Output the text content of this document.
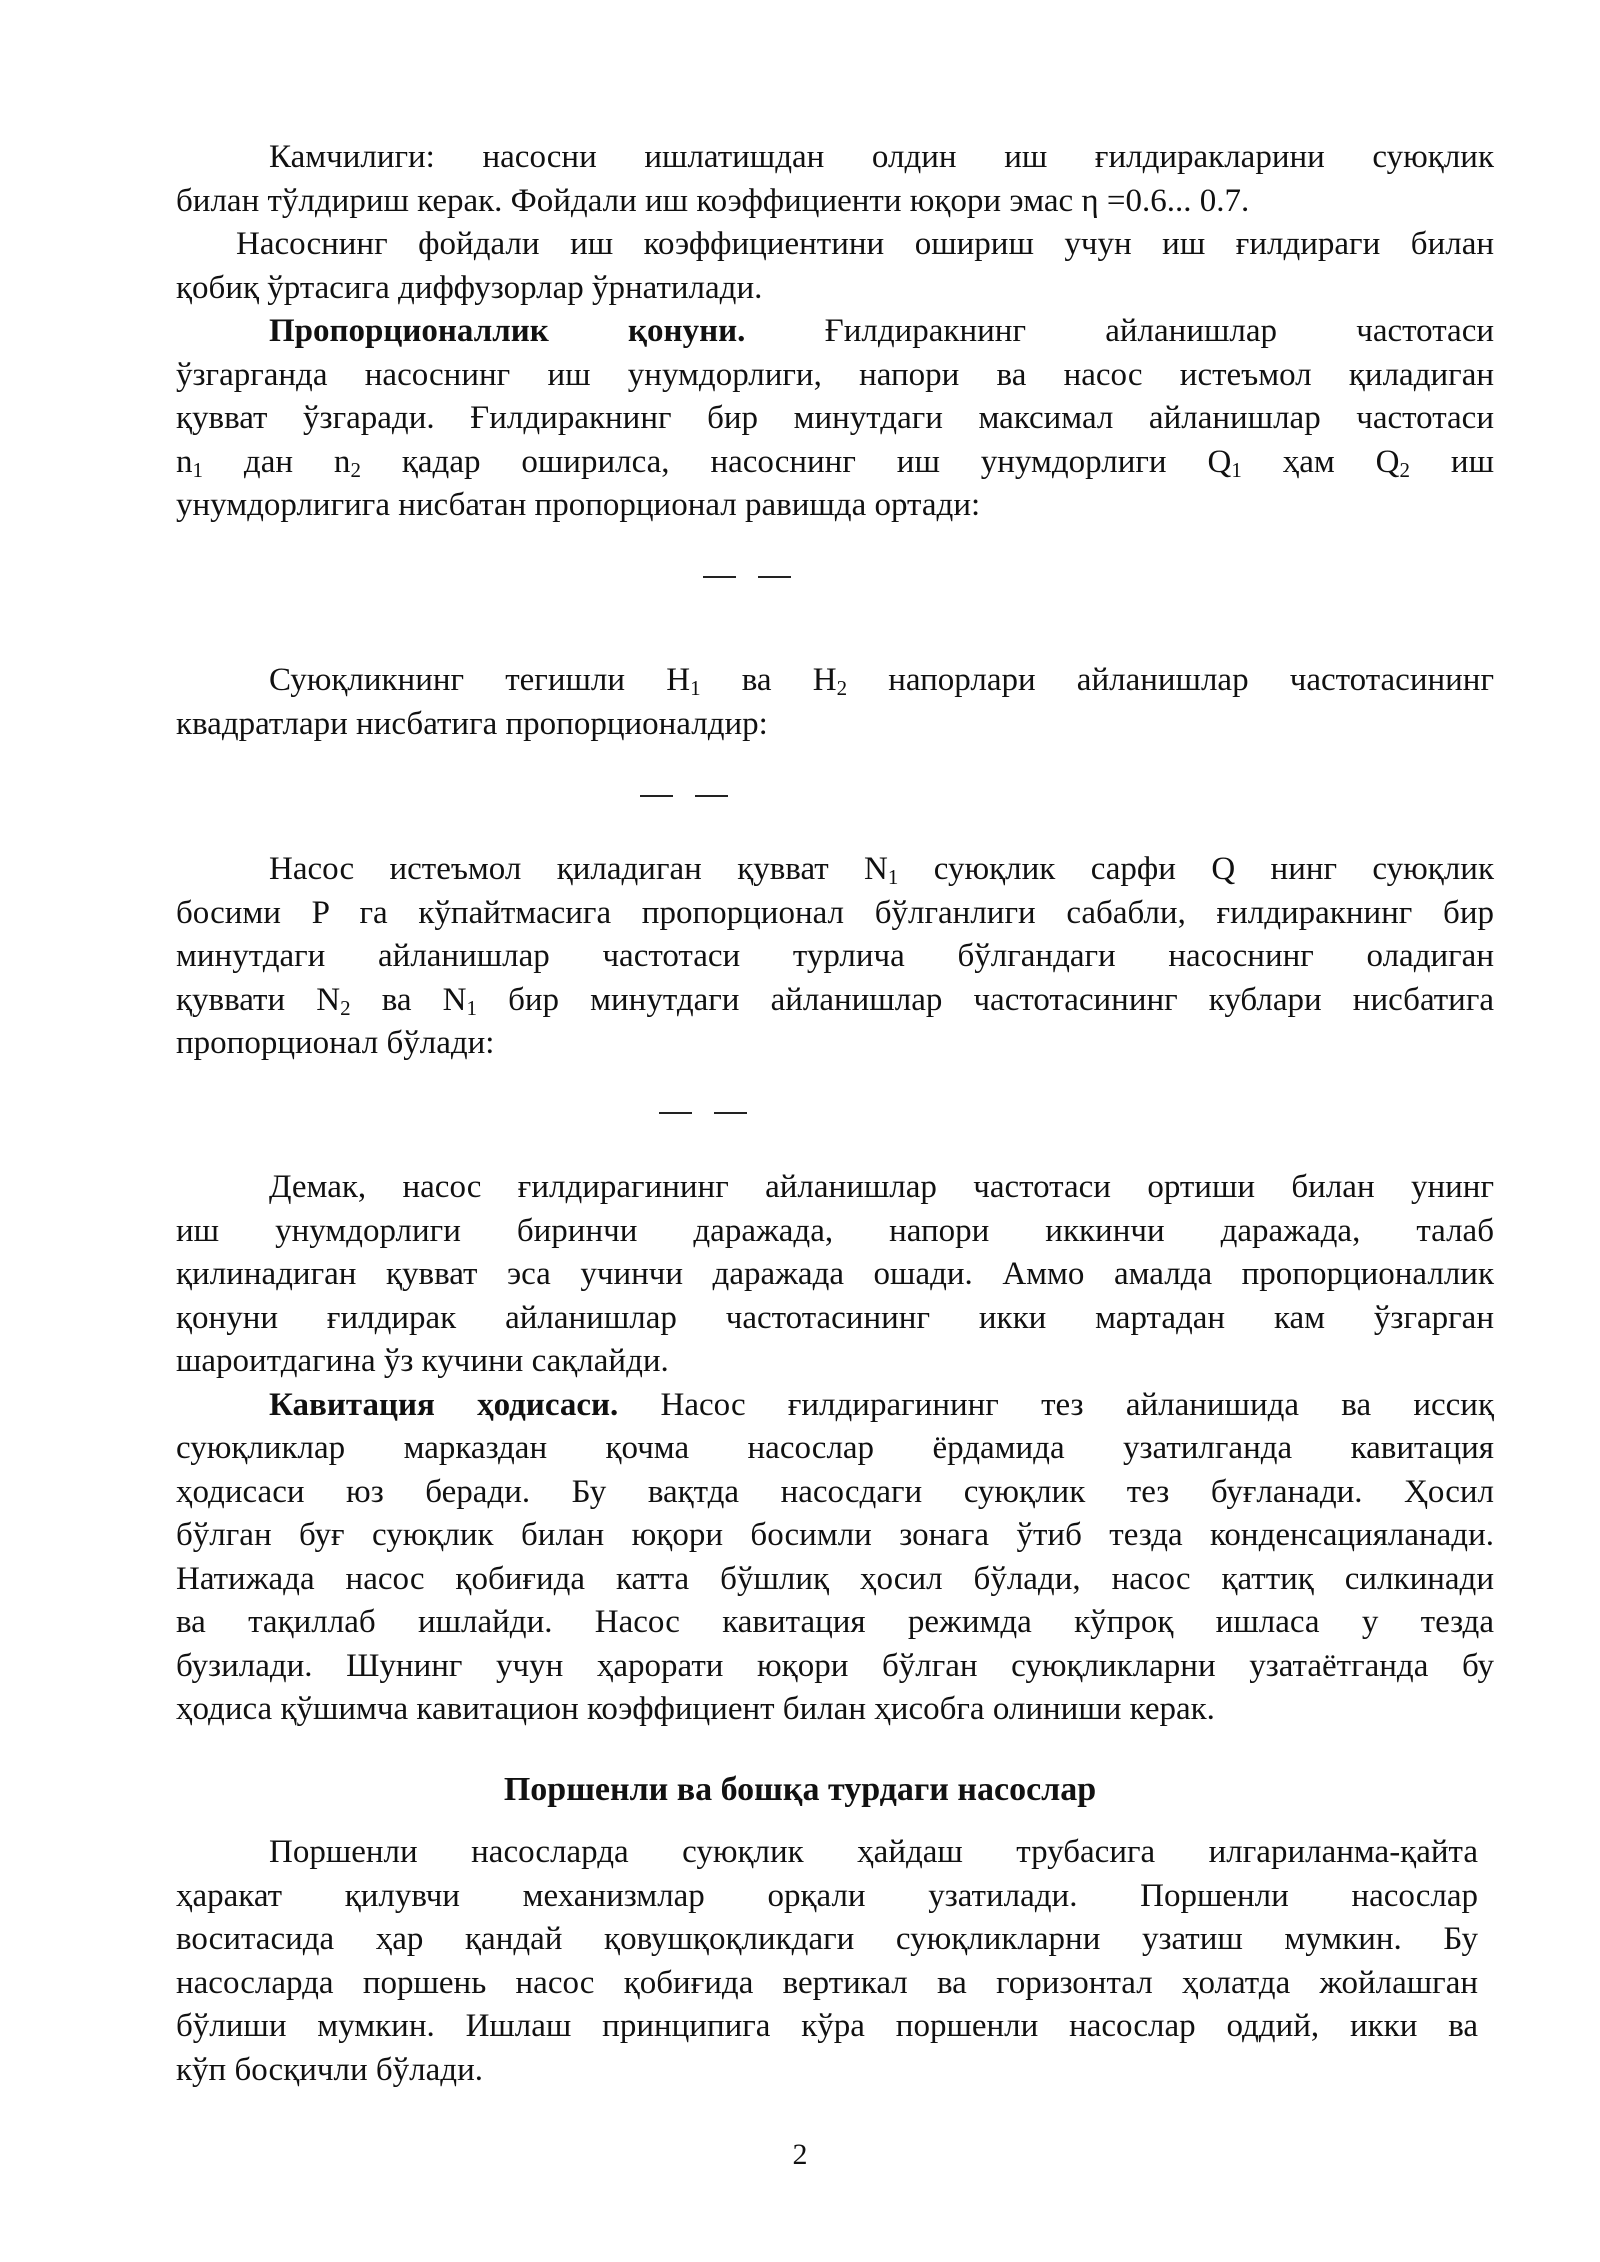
Камчилиги: насосни ишлатишдан олдин иш ғилдиракларини суюқлик
билан тўлдириш керак. Фойдали иш коэффициенти юқори эмас η =0.6... 0.7.
Насоснинг фойдали иш коэффициентини ошириш учун иш ғилдираги билан
қобиқ ўртасига диффузорлар ўрнатилади.
Пропорционаллик қонуни. Ғилдиракнинг айланишлар частотаси
ўзгарганда насоснинг иш унумдорлиги, напори ва насос истеъмол қиладиган
қувват ўзгаради. Ғилдиракнинг бир минутдаги максимал айланишлар частотаси
$n_1$ дан $n_2$ қадар оширилса, насоснинг иш унумдорлиги $Q_1$ ҳам $Q_2$ иш
унумдорлигига нисбатан пропорционал равишда ортади:
Суюқликнинг тегишли $H_1$ ва $H_2$ напорлари айланишлар частотасининг
квадратлари нисбатига пропорционалдир:
Насос истеъмол қиладиган қувват $N_1$ суюқлик сарфи Q нинг суюқлик
босими P га кўпайтмасига пропорционал бўлганлиги сабабли, ғилдиракнинг бир
минутдаги айланишлар частотаси турлича бўлгандаги насоснинг оладиган
қуввати $N_2$ ва $N_1$ бир минутдаги айланишлар частотасининг кублари нисбатига
пропорционал бўлади:
Демак, насос ғилдирагининг айланишлар частотаси ортиши билан унинг
иш унумдорлиги биринчи даражада, напори иккинчи даражада, талаб
қилинадиган қувват эса учинчи даражада ошади. Аммо амалда пропорционаллик
қонуни ғилдирак айланишлар частотасининг икки мартадан кам ўзгарган
шароитдагина ўз кучини сақлайди.
Кавитация ҳодисаси. Насос ғилдирагининг тез айланишида ва иссиқ
суюқликлар марказдан қочма насослар ёрдамида узатилганда кавитация
ҳодисаси юз беради. Бу вақтда насосдаги суюқлик тез буғланади. Ҳосил
бўлган буғ суюқлик билан юқори босимли зонага ўтиб тезда конденсацияланади.
Натижада насос қобиғида катта бўшлиқ ҳосил бўлади, насос қаттиқ силкинади
ва тақиллаб ишлайди. Насос кавитация режимда кўпроқ ишласа у тезда
бузилади. Шунинг учун ҳарорати юқори бўлган суюқликларни узатаётганда бу
ҳодиса қўшимча кавитацион коэффициент билан ҳисобга олиниши керак.
Поршенли ва бошқа турдаги насослар
Поршенли насосларда суюқлик ҳайдаш трубасига илгариланма-қайта
ҳаракат қилувчи механизмлар орқали узатилади. Поршенли насослар
воситасида ҳар қандай қовушқоқликдаги суюқликларни узатиш мумкин. Бу
насосларда поршень насос қобиғида вертикал ва горизонтал ҳолатда жойлашган
бўлиши мумкин. Ишлаш принципига кўра поршенли насослар оддий, икки ва
кўп босқичли бўлади.
2
